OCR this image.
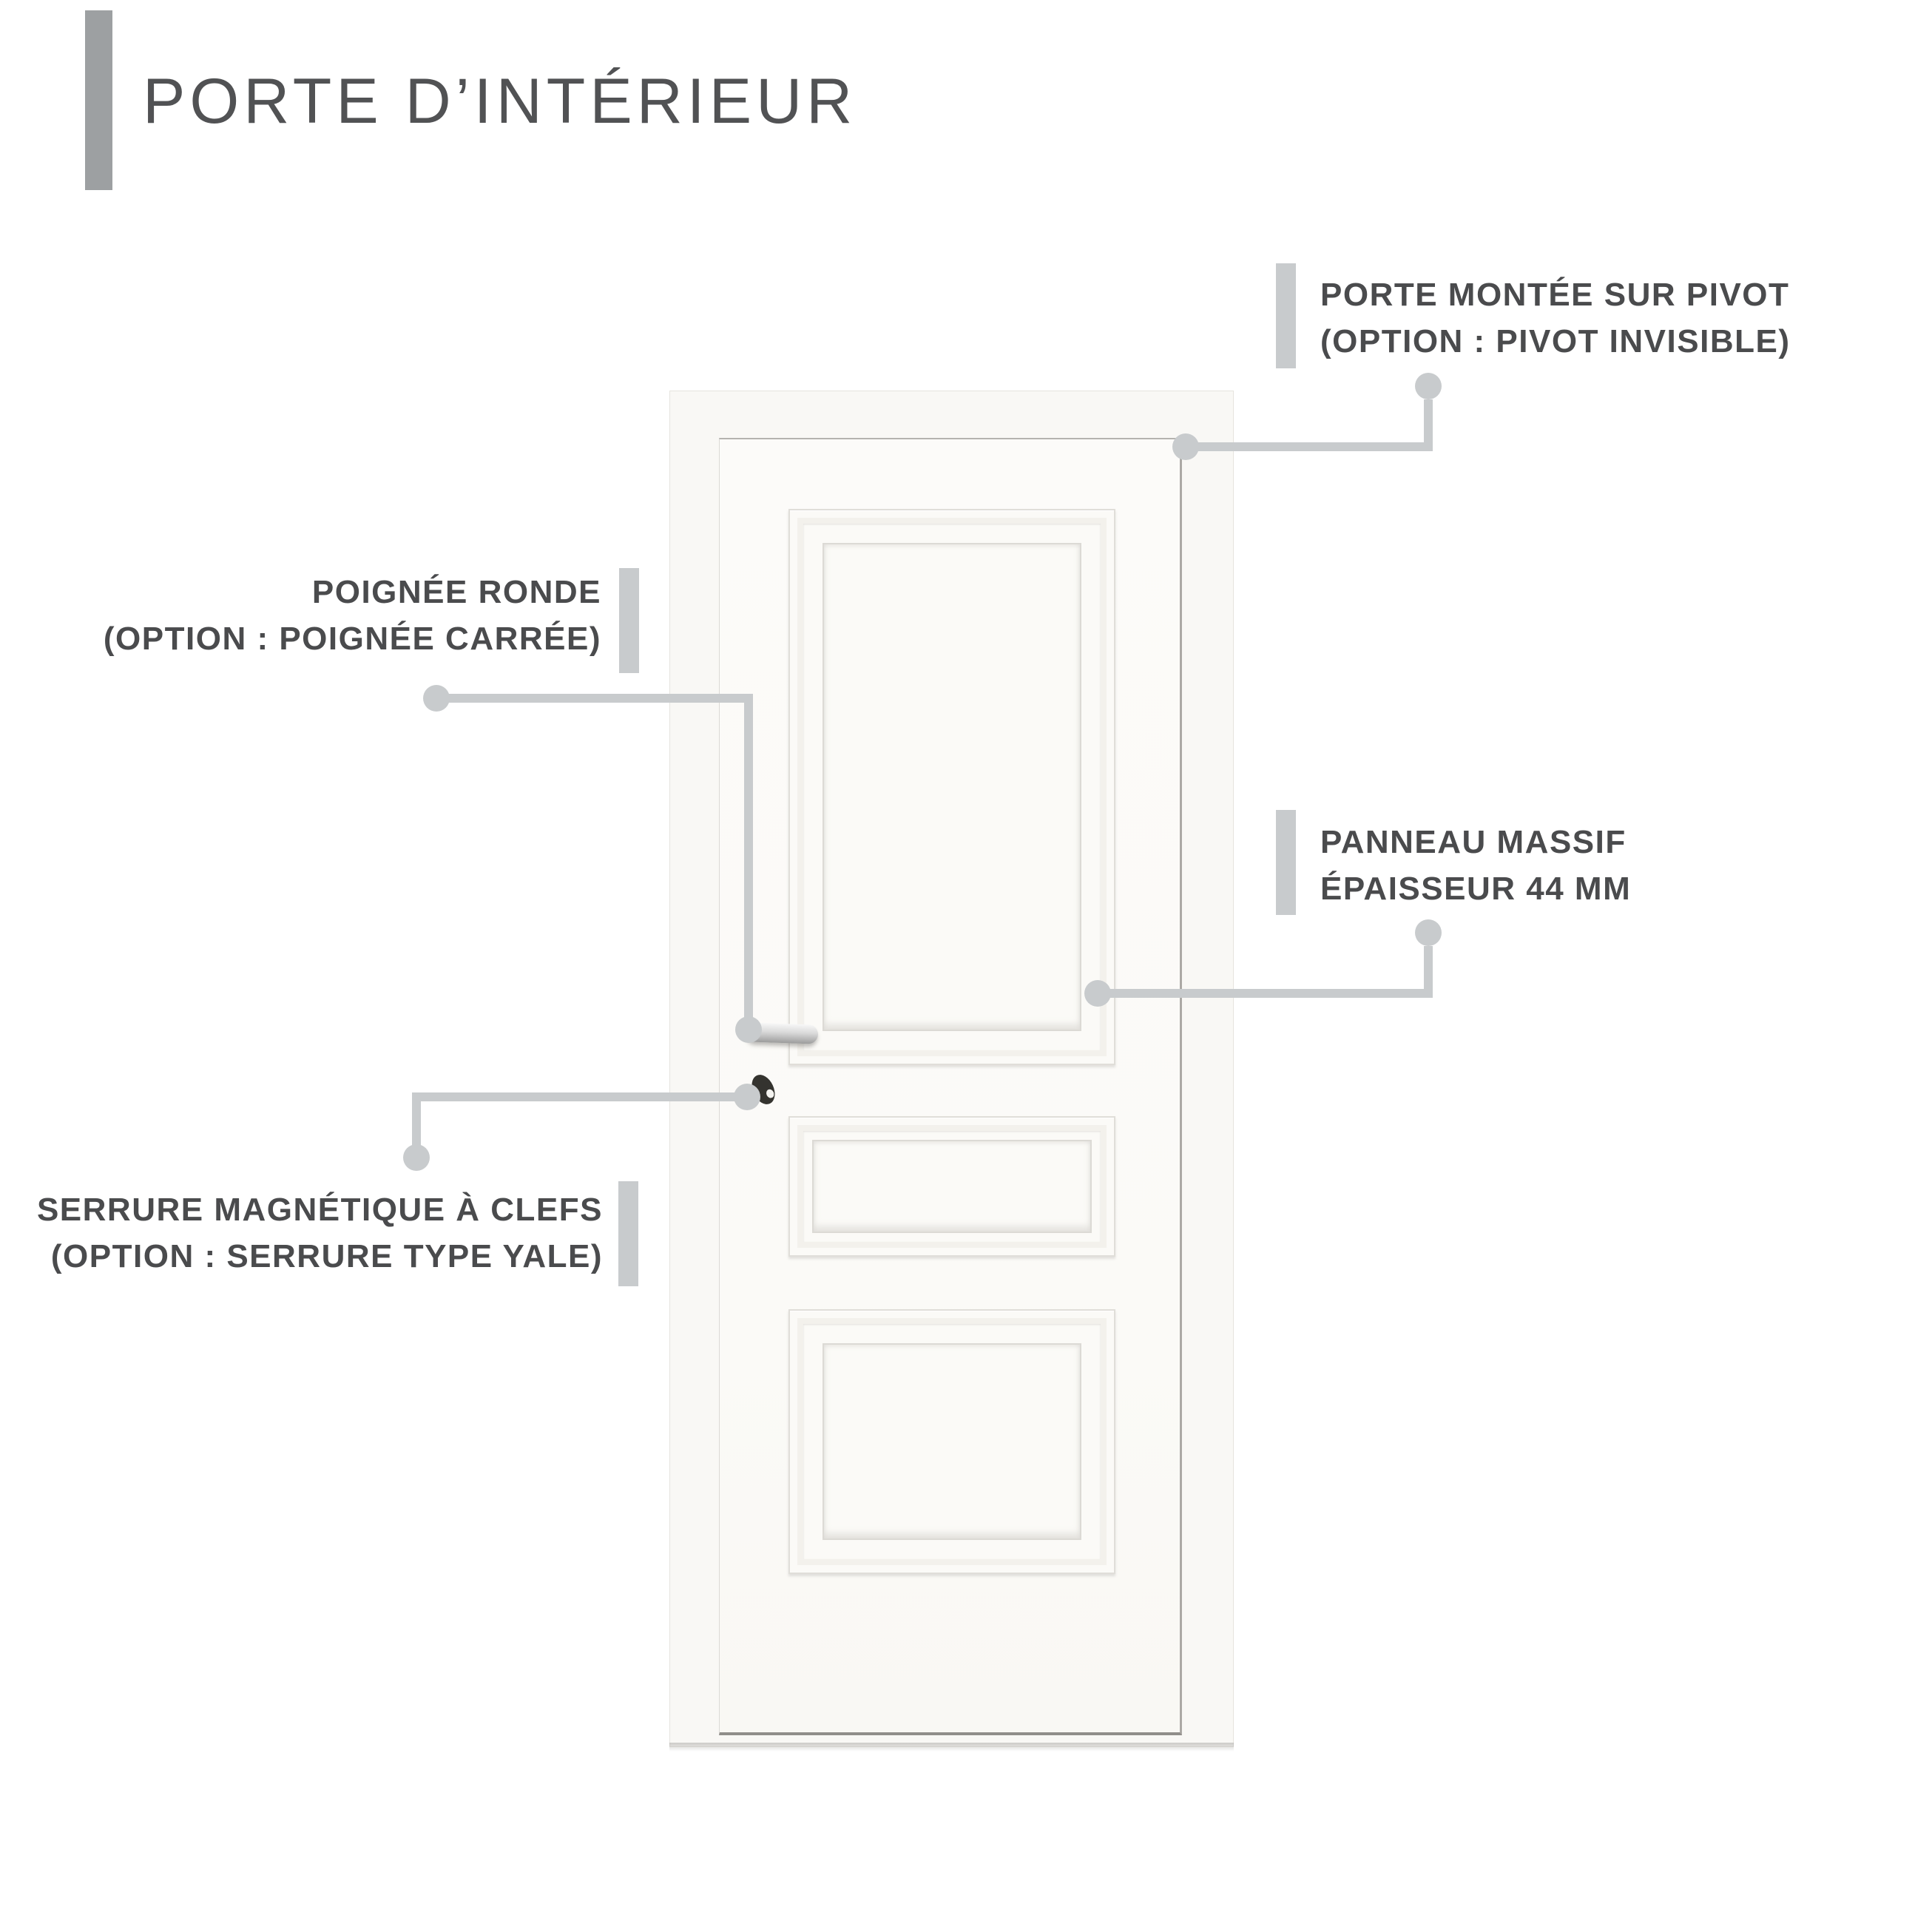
PORTE D’INTÉRIEUR
PORTE MONTÉE SUR PIVOT
(OPTION : PIVOT INVISIBLE)
POIGNÉE RONDE
(OPTION : POIGNÉE CARRÉE)
PANNEAU MASSIF
ÉPAISSEUR 44 MM
SERRURE MAGNÉTIQUE À CLEFS
(OPTION : SERRURE TYPE YALE)
